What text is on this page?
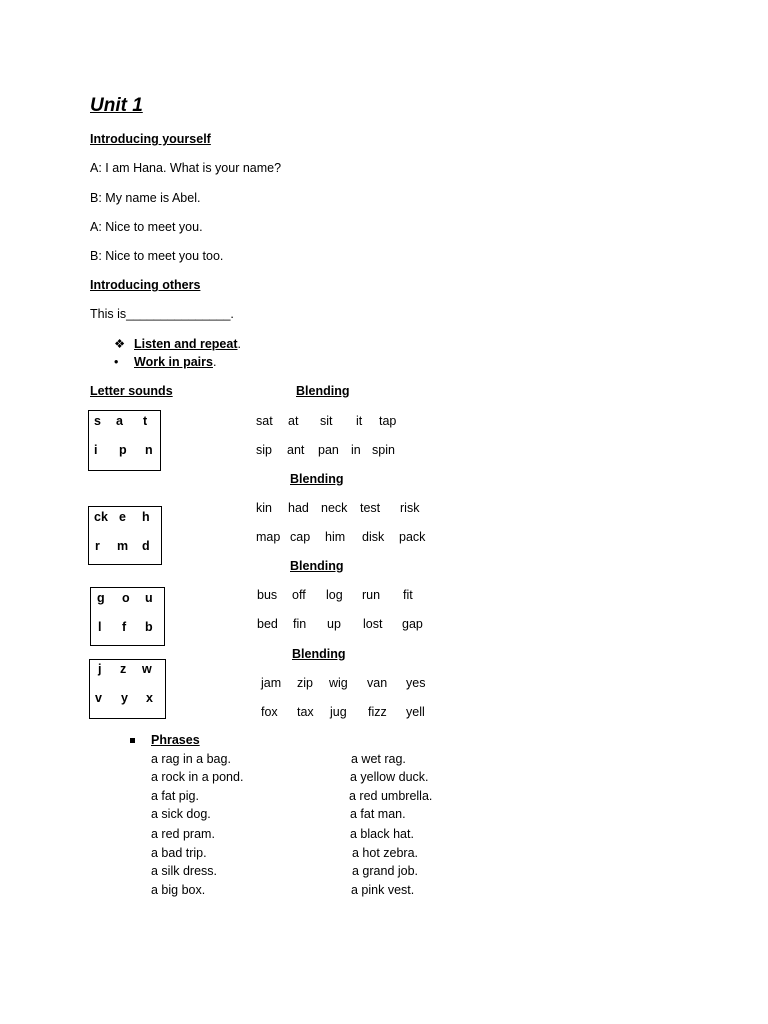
Unit 1
Introducing yourself
A: I am Hana. What is your name?
B: My name is Abel.
A: Nice to meet you.
B: Nice to meet you too.
Introducing others
This is_______________.
❖ Listen and repeat.
• Work in pairs.
Letter sounds	Blending
s a t
i p n
sat at sit it tap
sip ant pan in spin
Blending
ck e h
r m d
kin had neck test risk
map cap him disk pack
Blending
g o u
l f b
bus off log run fit
bed fin up lost gap
Blending
j z w
v y x
jam zip wig van yes
fox tax jug fizz yell
Phrases
a rag in a bag.
a rock in a pond.
a fat pig.
a sick dog.
a red pram.
a bad trip.
a silk dress.
a big box.
a wet rag.
a yellow duck.
a red umbrella.
a fat man.
a black hat.
a hot zebra.
a grand job.
a pink vest.
